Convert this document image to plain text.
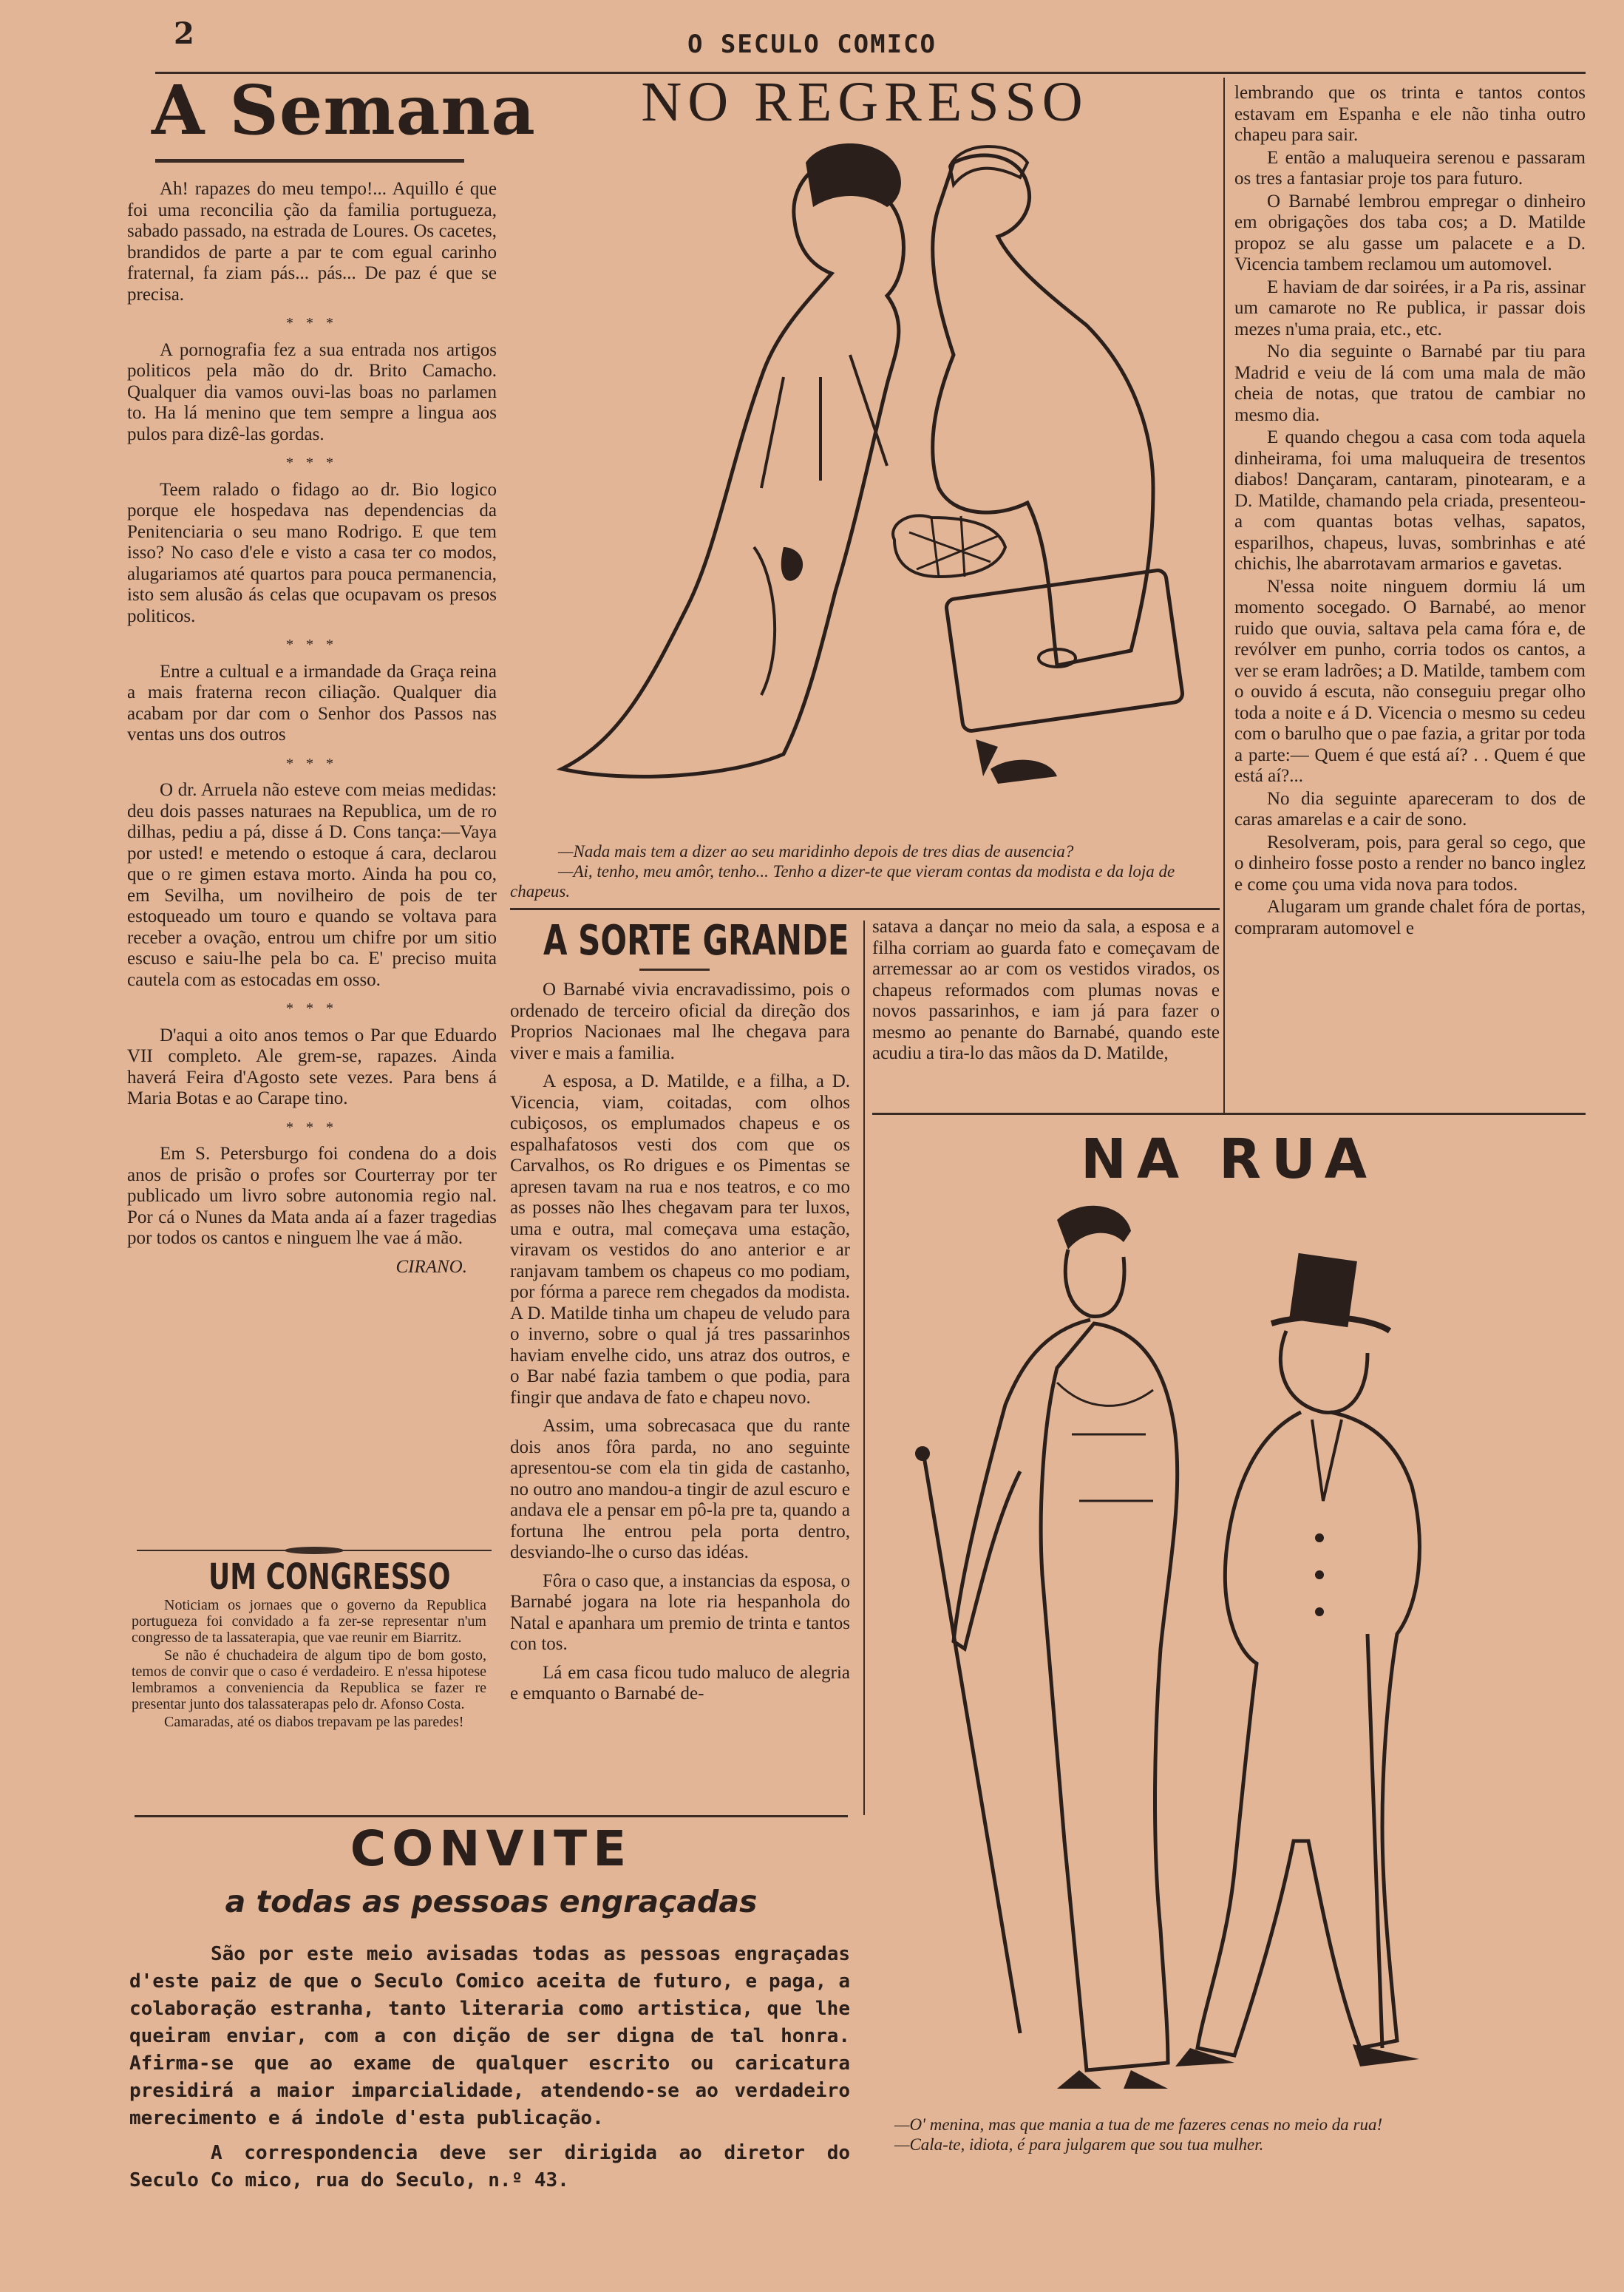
2	O SECULO COMICO
A Semana

Ah! rapazes do meu tempo!... Aquillo é que foi uma reconcilia ção da familia portugueza, sabado passado, na estrada de Loures. Os cacetes, brandidos de parte a par te com egual carinho fraternal, fa ziam pás... pás... De paz é que se precisa.

* * *

A pornografia fez a sua entrada nos artigos politicos pela mão do dr. Brito Camacho. Qualquer dia vamos ouvi-las boas no parlamen to. Ha lá menino que tem sempre a lingua aos pulos para dizê-las gordas.

* * *

Teem ralado o fidago ao dr. Bio logico porque ele hospedava nas dependencias da Penitenciaria o seu mano Rodrigo. E que tem isso? No caso d'ele e visto a casa ter co modos, alugariamos até quartos para pouca permanencia, isto sem alusão ás celas que ocupavam os presos politicos.

* * *

Entre a cultual e a irmandade da Graça reina a mais fraterna recon ciliação. Qualquer dia acabam por dar com o Senhor dos Passos nas ventas uns dos outros

* * *

O dr. Arruela não esteve com meias medidas: deu dois passes naturaes na Republica, um de ro dilhas, pediu a pá, disse á D. Cons tança:—Vaya por usted! e metendo o estoque á cara, declarou que o re gimen estava morto. Ainda ha pou co, em Sevilha, um novilheiro de pois de ter estoqueado um touro e quando se voltava para receber a ovação, entrou um chifre por um sitio escuso e saiu-lhe pela bo ca. E' preciso muita cautela com as estocadas em osso.

* * *

D'aqui a oito anos temos o Par que Eduardo VII completo. Ale grem-se, rapazes. Ainda haverá Feira d'Agosto sete vezes. Para bens á Maria Botas e ao Carape tino.

* * *

Em S. Petersburgo foi condena do a dois anos de prisão o profes sor Courterray por ter publicado um livro sobre autonomia regio nal. Por cá o Nunes da Mata anda aí a fazer tragedias por todos os cantos e ninguem lhe vae á mão.

CIRANO.
UM CONGRESSO

Noticiam os jornaes que o governo da Republica portugueza foi convidado a fa zer-se representar n'um congresso de ta lassaterapia, que vae reunir em Biarritz.

Se não é chuchadeira de algum tipo de bom gosto, temos de convir que o caso é verdadeiro. E n'essa hipotese lembramos a conveniencia da Republica se fazer re presentar junto dos talassaterapas pelo dr. Afonso Costa.

Camaradas, até os diabos trepavam pe las paredes!

CONVITE
a todas as pessoas engraçadas

São por este meio avisadas todas as pessoas engraçadas d'este paiz de que o Seculo Comico aceita de futuro, e paga, a colaboração estranha, tanto literaria como artistica, que lhe queiram enviar, com a con dição de ser digna de tal honra. Afirma-se que ao exame de qualquer escrito ou caricatura presidirá a maior imparcialidade, atendendo-se ao verdadeiro merecimento e á indole d'esta publicação.

A correspondencia deve ser dirigida ao diretor do Seculo Co mico, rua do Seculo, n.º 43.

NO REGRESSO

—Nada mais tem a dizer ao seu maridinho depois de tres dias de ausencia?

—Ai, tenho, meu amôr, tenho... Tenho a dizer-te que vieram contas da modista e da loja de chapeus.

A SORTE GRANDE

O Barnabé vivia encravadissimo, pois o ordenado de terceiro oficial da direção dos Proprios Nacionaes mal lhe chegava para viver e mais a familia.

A esposa, a D. Matilde, e a filha, a D. Vicencia, viam, coitadas, com olhos cubiçosos, os emplumados chapeus e os espalhafatosos vesti dos com que os Carvalhos, os Ro drigues e os Pimentas se apresen tavam na rua e nos teatros, e co mo as posses não lhes chegavam para ter luxos, uma e outra, mal começava uma estação, viravam os vestidos do ano anterior e ar ranjavam tambem os chapeus co mo podiam, por fórma a parece rem chegados da modista. A D. Matilde tinha um chapeu de veludo para o inverno, sobre o qual já tres passarinhos haviam envelhe cido, uns atraz dos outros, e o Bar nabé fazia tambem o que podia, para fingir que andava de fato e chapeu novo.

Assim, uma sobrecasaca que du rante dois anos fôra parda, no ano seguinte apresentou-se com ela tin gida de castanho, no outro ano mandou-a tingir de azul escuro e andava ele a pensar em pô-la pre ta, quando a fortuna lhe entrou pela porta dentro, desviando-lhe o curso das idéas.

Fôra o caso que, a instancias da esposa, o Barnabé jogara na lote ria hespanhola do Natal e apanhara um premio de trinta e tantos con tos.

Lá em casa ficou tudo maluco de alegria e emquanto o Barnabé de-

satava a dançar no meio da sala, a esposa e a filha corriam ao guarda fato e começavam de arremessar ao ar com os vestidos virados, os chapeus reformados com plumas novas e novos passarinhos, e iam já para fazer o mesmo ao penante do Barnabé, quando este acudiu a tira-lo das mãos da D. Matilde,

lembrando que os trinta e tantos contos estavam em Espanha e ele não tinha outro chapeu para sair.

E então a maluqueira serenou e passaram os tres a fantasiar proje tos para futuro.

O Barnabé lembrou empregar o dinheiro em obrigações dos taba cos; a D. Matilde propoz se alu gasse um palacete e a D. Vicencia tambem reclamou um automovel.

E haviam de dar soirées, ir a Pa ris, assinar um camarote no Re publica, ir passar dois mezes n'uma praia, etc., etc.

No dia seguinte o Barnabé par tiu para Madrid e veiu de lá com uma mala de mão cheia de notas, que tratou de cambiar no mesmo dia.

E quando chegou a casa com toda aquela dinheirama, foi uma maluqueira de tresentos diabos! Dançaram, cantaram, pinotearam, e a D. Matilde, chamando pela criada, presenteou-a com quantas botas velhas, sapatos, esparilhos, chapeus, luvas, sombrinhas e até chichis, lhe abarrotavam armarios e gavetas.

N'essa noite ninguem dormiu lá um momento socegado. O Barnabé, ao menor ruido que ouvia, saltava pela cama fóra e, de revólver em punho, corria todos os cantos, a ver se eram ladrões; a D. Matilde, tambem com o ouvido á escuta, não conseguiu pregar olho toda a noite e á D. Vicencia o mesmo su cedeu com o barulho que o pae fazia, a gritar por toda a parte:— Quem é que está aí? . . Quem é que está aí?...

No dia seguinte apareceram to dos de caras amarelas e a cair de sono.

Resolveram, pois, para geral so cego, que o dinheiro fosse posto a render no banco inglez e come çou uma vida nova para todos.

Alugaram um grande chalet fóra de portas, compraram automovel e

NA RUA

—O' menina, mas que mania a tua de me fazeres cenas no meio da rua!

—Cala-te, idiota, é para julgarem que sou tua mulher.
